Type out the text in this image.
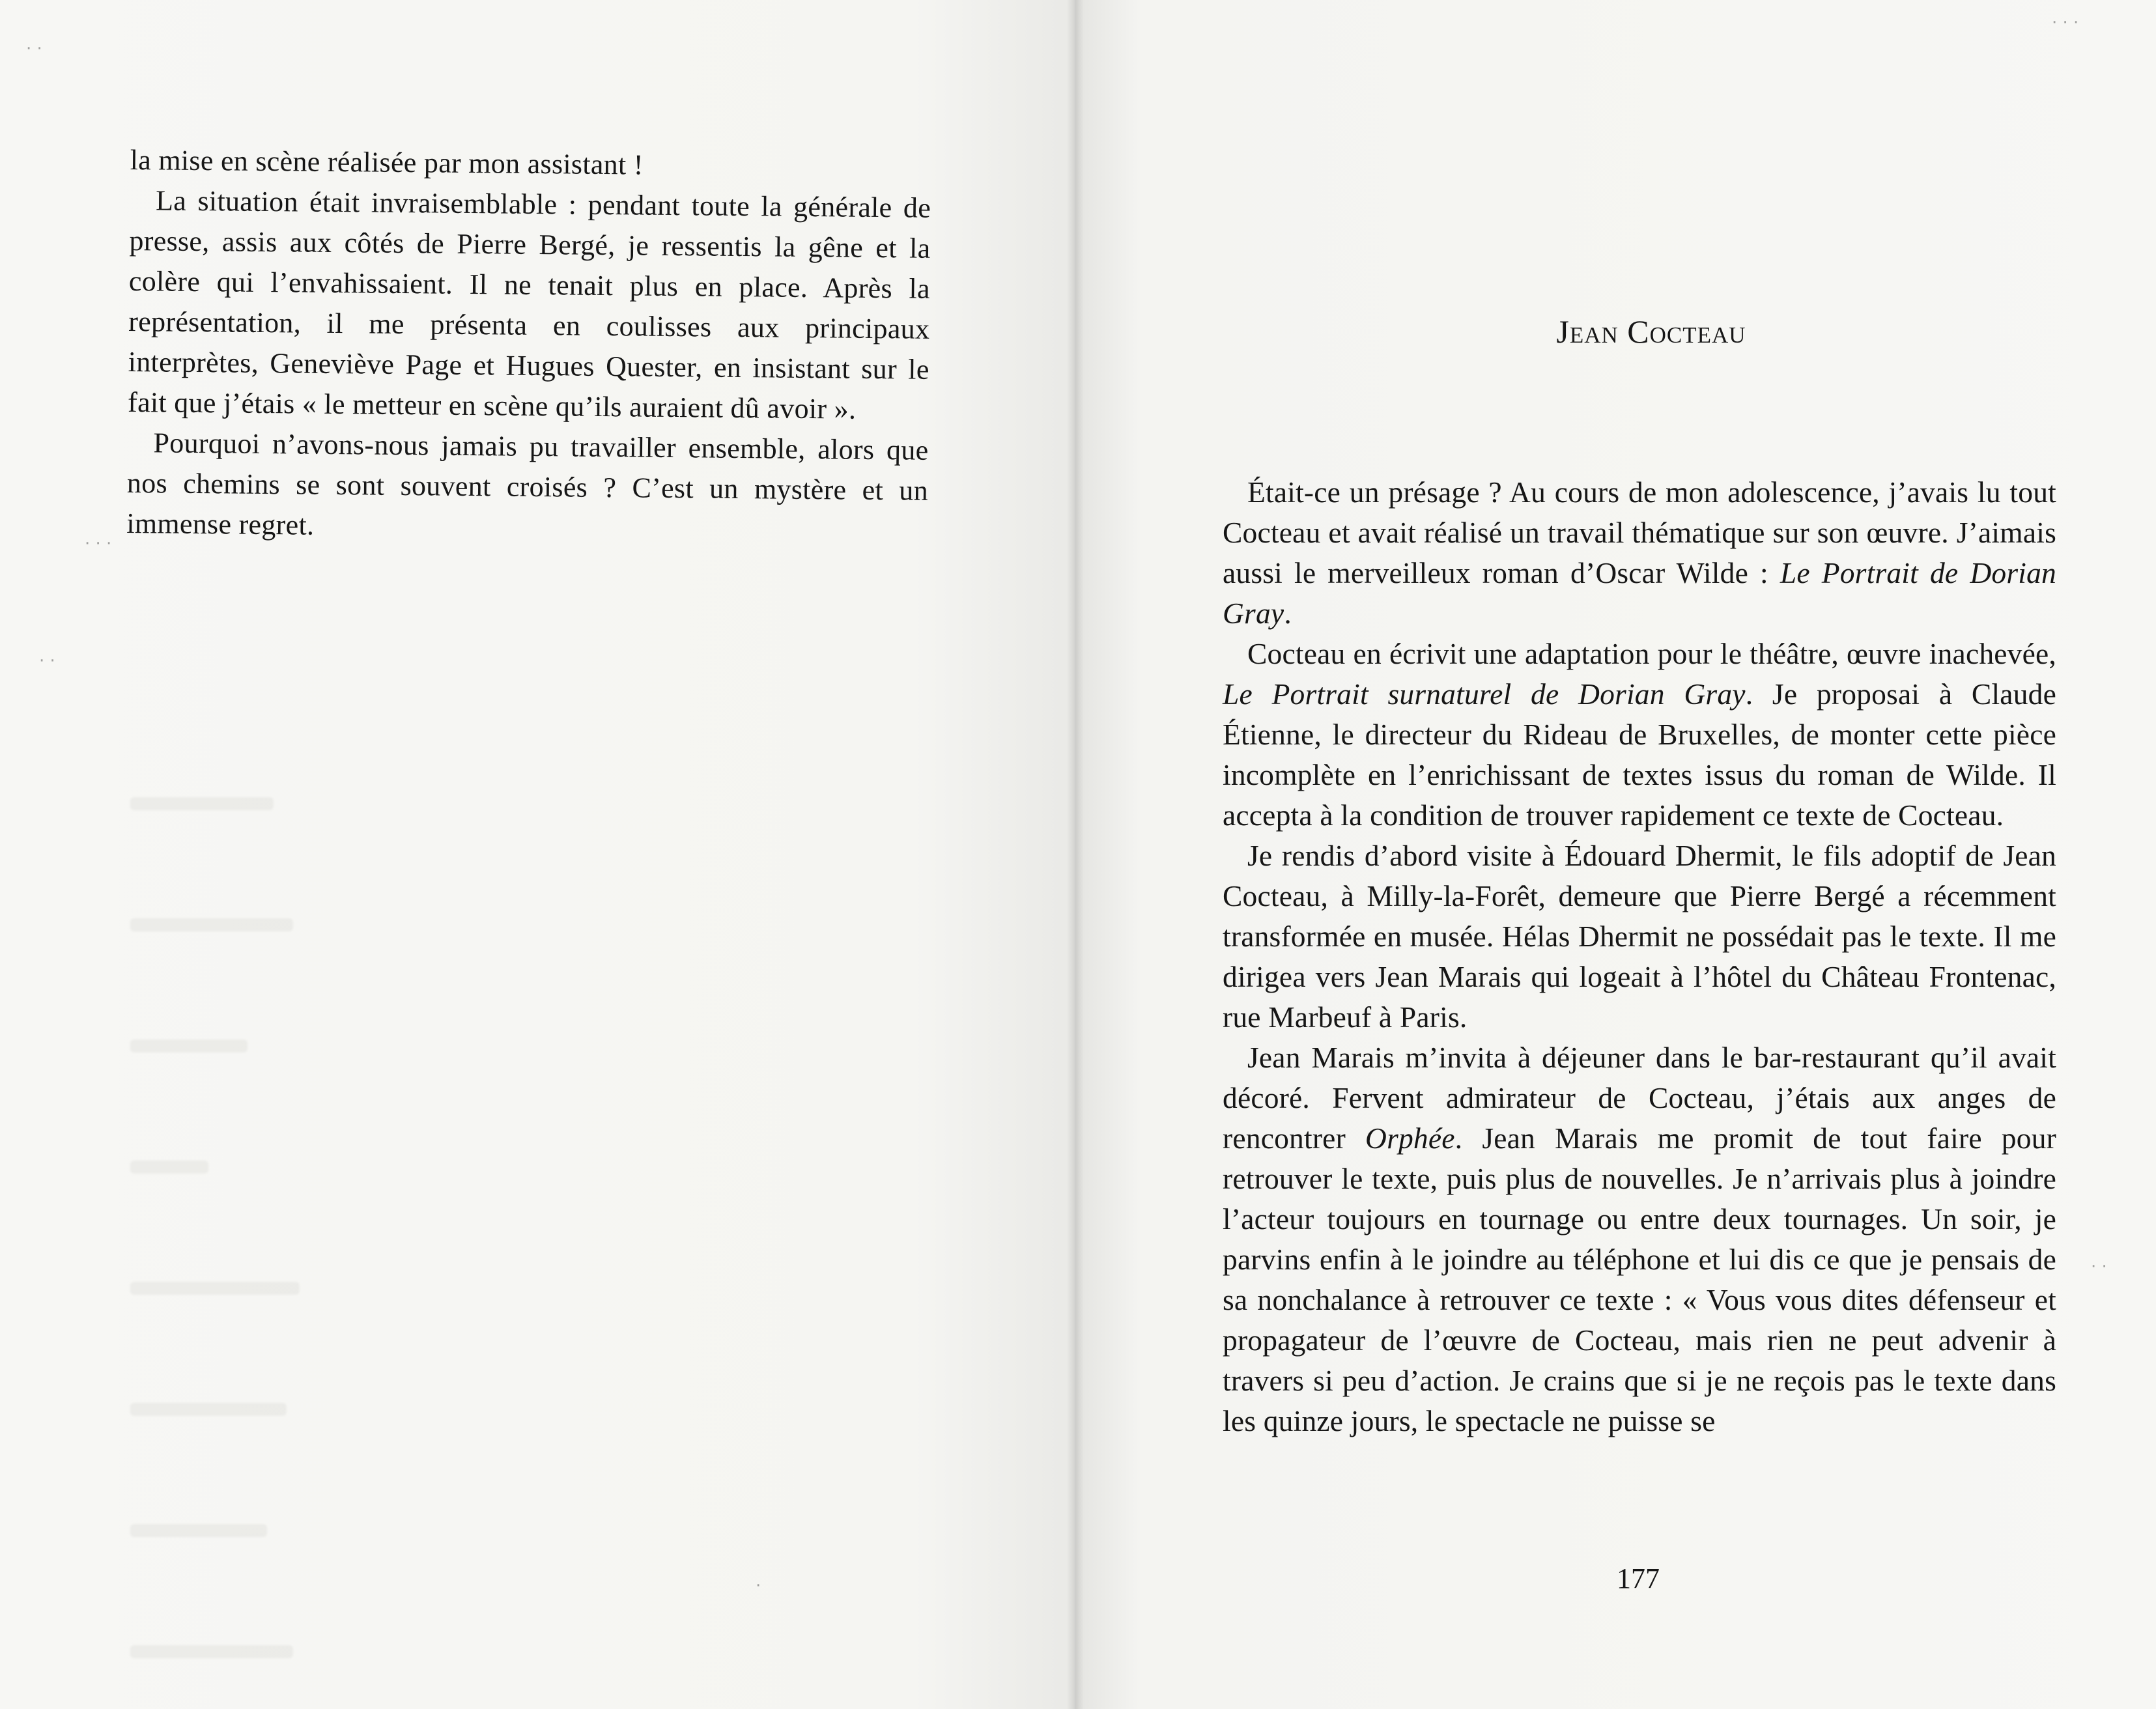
la mise en scène réalisée par mon assistant !

La situation était invraisemblable : pendant toute la générale de presse, assis aux côtés de Pierre Bergé, je ressentis la gêne et la colère qui l’envahissaient. Il ne tenait plus en place. Après la représentation, il me présenta en coulisses aux principaux interprètes, Geneviève Page et Hugues Quester, en insistant sur le fait que j’étais « le metteur en scène qu’ils auraient dû avoir ».

Pourquoi n’avons-nous jamais pu travailler ensemble, alors que nos chemins se sont souvent croisés ? C’est un mystère et un immense regret.

· ·
· · ·
· ·
·

· · ·
· ·
Jean Cocteau

Était-ce un présage ? Au cours de mon adolescence, j’avais lu tout Cocteau et avait réalisé un travail thématique sur son œuvre. J’aimais aussi le merveilleux roman d’Oscar Wilde : Le Portrait de Dorian Gray.

Cocteau en écrivit une adaptation pour le théâtre, œuvre inachevée, Le Portrait surnaturel de Dorian Gray. Je proposai à Claude Étienne, le directeur du Rideau de Bruxelles, de monter cette pièce incomplète en l’enrichissant de textes issus du roman de Wilde. Il accepta à la condition de trouver rapidement ce texte de Cocteau.

Je rendis d’abord visite à Édouard Dhermit, le fils adoptif de Jean Cocteau, à Milly-la-Forêt, demeure que Pierre Bergé a récemment transformée en musée. Hélas Dhermit ne possédait pas le texte. Il me dirigea vers Jean Marais qui logeait à l’hôtel du Château Frontenac, rue Marbeuf à Paris.

Jean Marais m’invita à déjeuner dans le bar-restaurant qu’il avait décoré. Fervent admirateur de Cocteau, j’étais aux anges de rencontrer Orphée. Jean Marais me promit de tout faire pour retrouver le texte, puis plus de nouvelles. Je n’arrivais plus à joindre l’acteur toujours en tournage ou entre deux tournages. Un soir, je parvins enfin à le joindre au téléphone et lui dis ce que je pensais de sa nonchalance à retrouver ce texte : « Vous vous dites défenseur et propagateur de l’œuvre de Cocteau, mais rien ne peut advenir à travers si peu d’action. Je crains que si je ne reçois pas le texte dans les quinze jours, le spectacle ne puisse se

177
